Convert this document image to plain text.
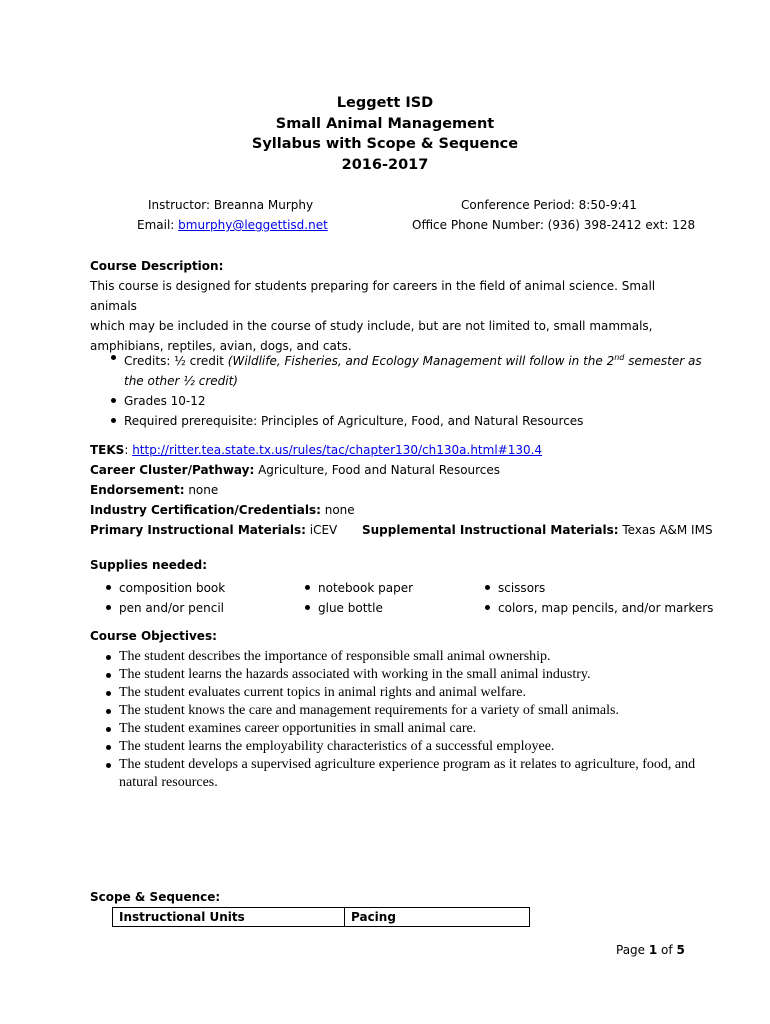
Leggett ISD
Small Animal Management
Syllabus with Scope & Sequence
2016-2017
Instructor: Breanna Murphy
Email: bmurphy@leggettisd.net
Conference Period: 8:50-9:41
Office Phone Number: (936) 398-2412 ext: 128
Course Description:
This course is designed for students preparing for careers in the field of animal science. Small animals
which may be included in the course of study include, but are not limited to, small mammals,
amphibians, reptiles, avian, dogs, and cats.
Credits: ½ credit (Wildlife, Fisheries, and Ecology Management will follow in the 2nd semester as
the other ½ credit)
Grades 10-12
Required prerequisite: Principles of Agriculture, Food, and Natural Resources
TEKS: http://ritter.tea.state.tx.us/rules/tac/chapter130/ch130a.html#130.4
Career Cluster/Pathway: Agriculture, Food and Natural Resources
Endorsement: none
Industry Certification/Credentials: none
Primary Instructional Materials: iCEV Supplemental Instructional Materials: Texas A&M IMS
Supplies needed:
composition book
pen and/or pencil
notebook paper
glue bottle
scissors
colors, map pencils, and/or markers
Course Objectives:
The student describes the importance of responsible small animal ownership.
The student learns the hazards associated with working in the small animal industry.
The student evaluates current topics in animal rights and animal welfare.
The student knows the care and management requirements for a variety of small animals.
The student examines career opportunities in small animal care.
The student learns the employability characteristics of a successful employee.
The student develops a supervised agriculture experience program as it relates to agriculture, food, and natural resources.
Scope & Sequence:
Instructional Units	Pacing
Page 1 of 5
